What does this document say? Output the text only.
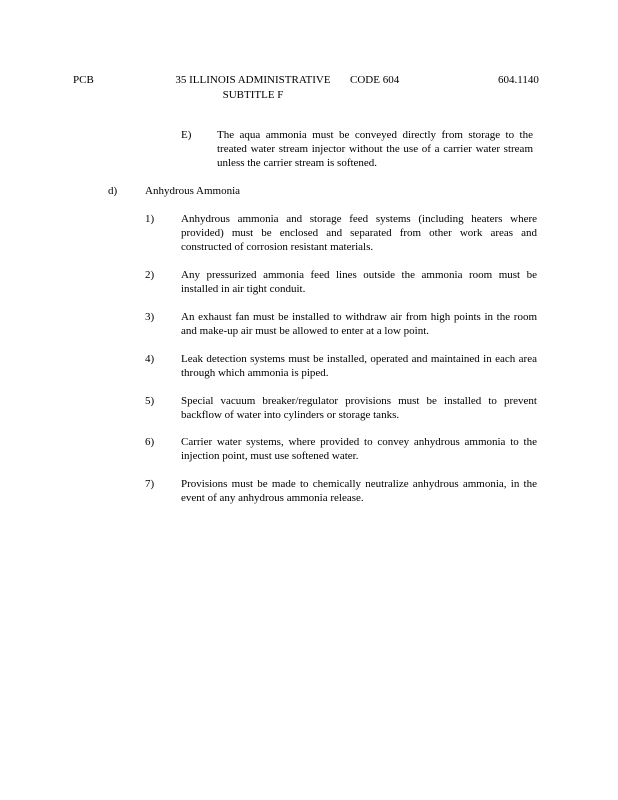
PCB	35 ILLINOIS ADMINISTRATIVE	CODE 604	604.1140
SUBTITLE F
E) The aqua ammonia must be conveyed directly from storage to the treated water stream injector without the use of a carrier water stream unless the carrier stream is softened.
d)	Anhydrous Ammonia
1) Anhydrous ammonia and storage feed systems (including heaters where provided) must be enclosed and separated from other work areas and constructed of corrosion resistant materials.
2) Any pressurized ammonia feed lines outside the ammonia room must be installed in air tight conduit.
3) An exhaust fan must be installed to withdraw air from high points in the room and make-up air must be allowed to enter at a low point.
4) Leak detection systems must be installed, operated and maintained in each area through which ammonia is piped.
5) Special vacuum breaker/regulator provisions must be installed to prevent backflow of water into cylinders or storage tanks.
6) Carrier water systems, where provided to convey anhydrous ammonia to the injection point, must use softened water.
7) Provisions must be made to chemically neutralize anhydrous ammonia, in the event of any anhydrous ammonia release.
